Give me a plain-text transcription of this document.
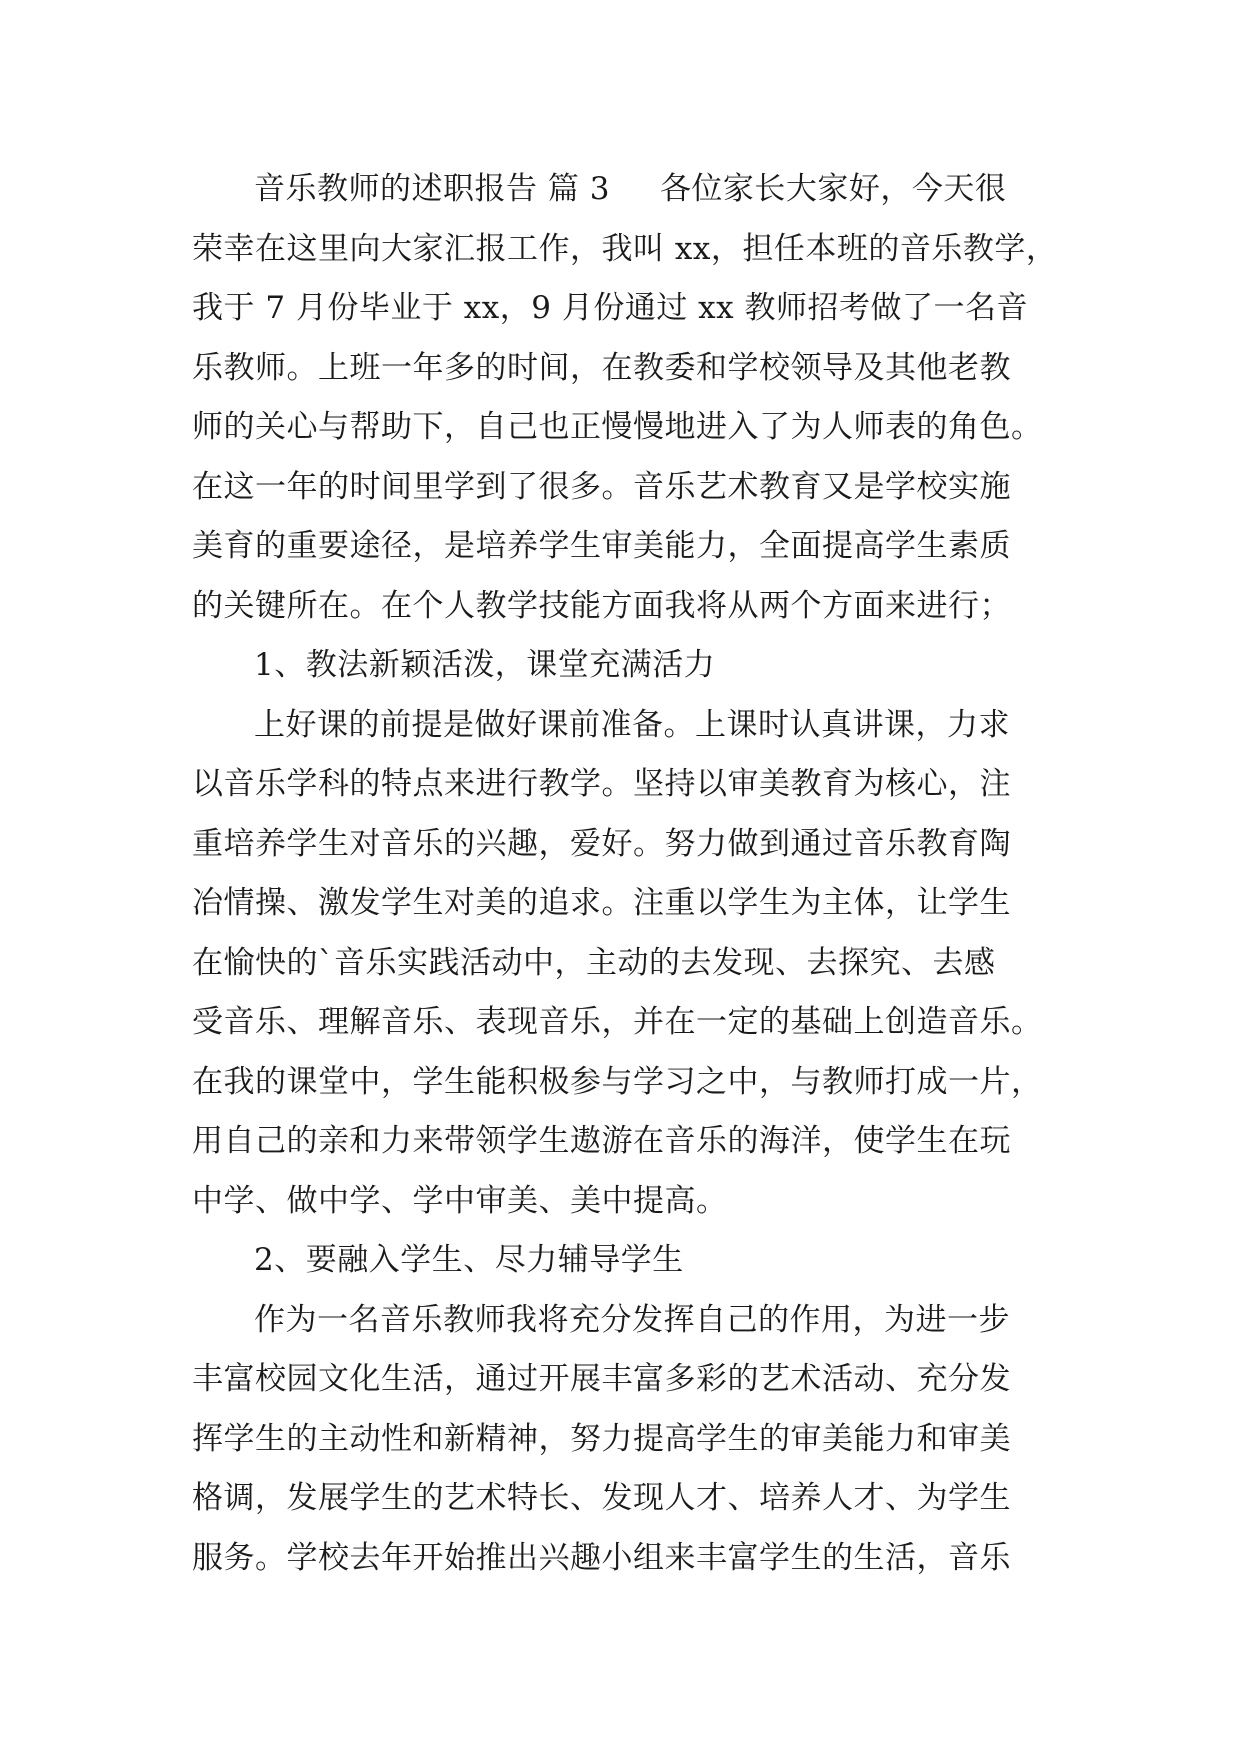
音乐教师的述职报告 篇 3 各位家长大家好，今天很
荣幸在这里向大家汇报工作，我叫 xx，担任本班的音乐教学，
我于 7 月份毕业于 xx，9 月份通过 xx 教师招考做了一名音
乐教师。上班一年多的时间，在教委和学校领导及其他老教
师的关心与帮助下，自己也正慢慢地进入了为人师表的角色。
在这一年的时间里学到了很多。音乐艺术教育又是学校实施
美育的重要途径，是培养学生审美能力，全面提高学生素质
的关键所在。在个人教学技能方面我将从两个方面来进行；
1、教法新颖活泼，课堂充满活力
上好课的前提是做好课前准备。上课时认真讲课，力求
以音乐学科的特点来进行教学。坚持以审美教育为核心，注
重培养学生对音乐的兴趣，爱好。努力做到通过音乐教育陶
冶情操、激发学生对美的追求。注重以学生为主体，让学生
在愉快的`音乐实践活动中，主动的去发现、去探究、去感
受音乐、理解音乐、表现音乐，并在一定的基础上创造音乐。
在我的课堂中，学生能积极参与学习之中，与教师打成一片，
用自己的亲和力来带领学生遨游在音乐的海洋，使学生在玩
中学、做中学、学中审美、美中提高。
2、要融入学生、尽力辅导学生
作为一名音乐教师我将充分发挥自己的作用，为进一步
丰富校园文化生活，通过开展丰富多彩的艺术活动、充分发
挥学生的主动性和新精神，努力提高学生的审美能力和审美
格调，发展学生的艺术特长、发现人才、培养人才、为学生
服务。学校去年开始推出兴趣小组来丰富学生的生活，音乐
